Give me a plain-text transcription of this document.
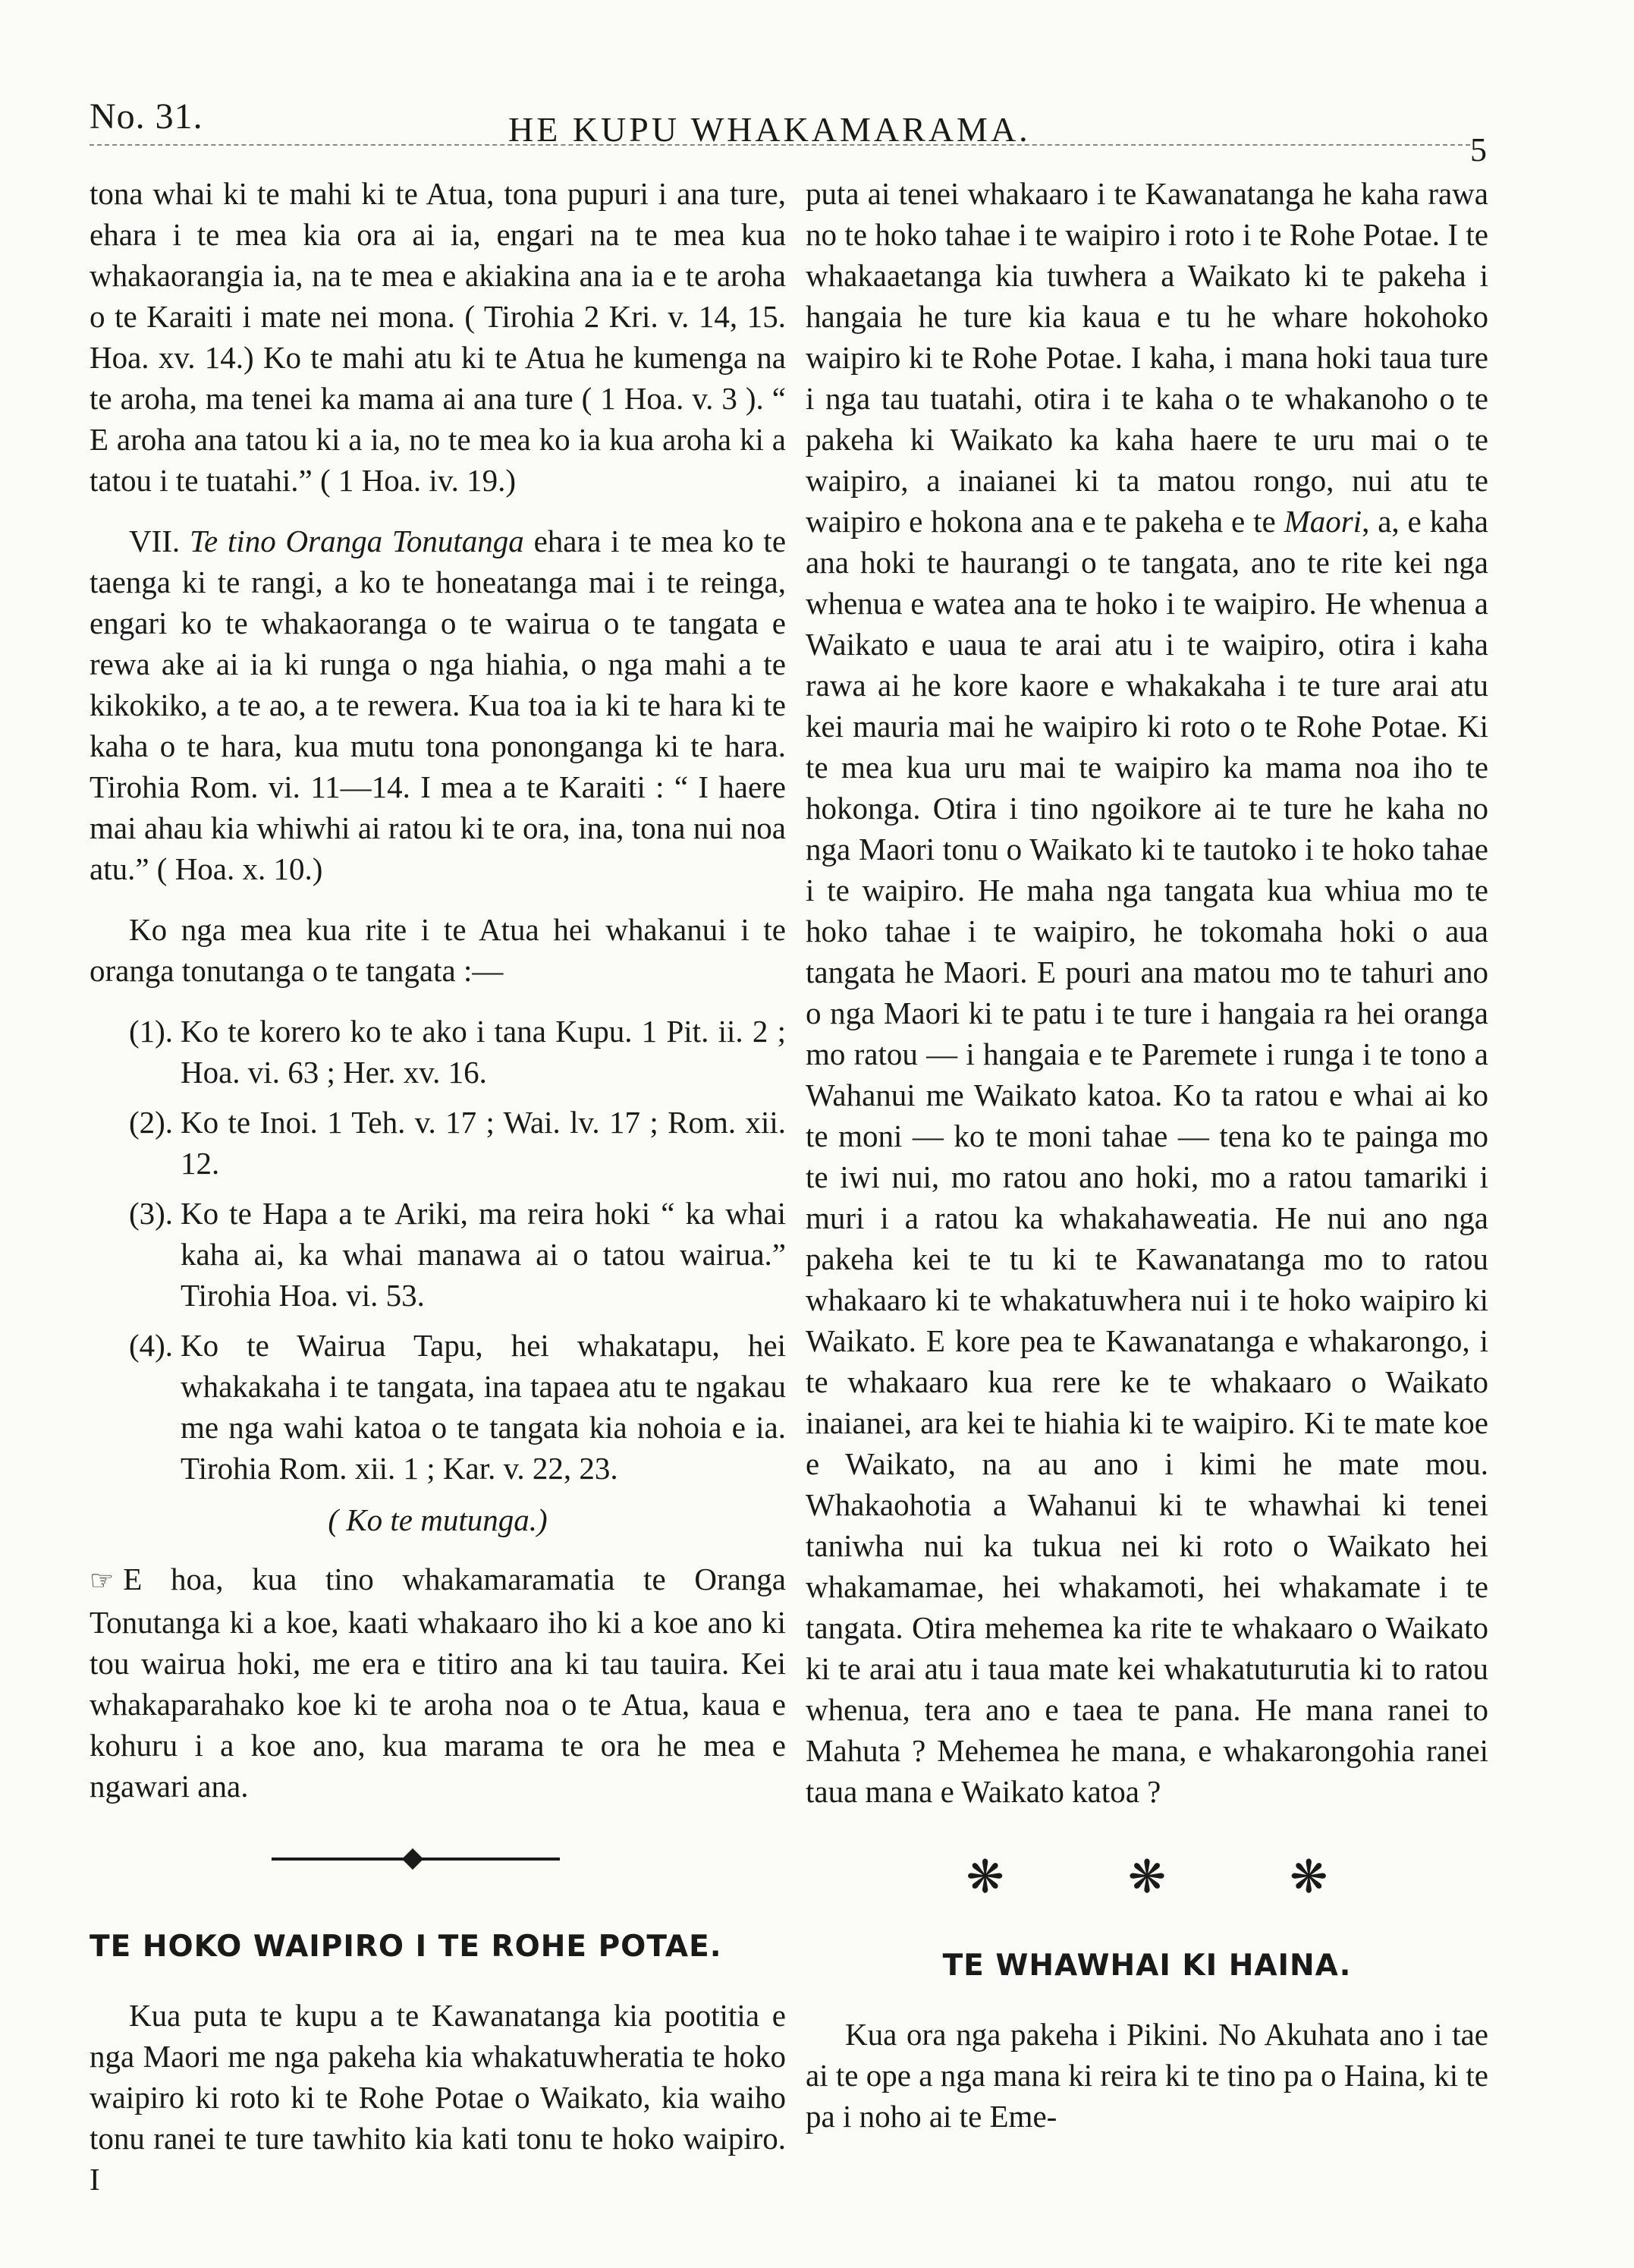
No. 31.	HE KUPU WHAKAMARAMA.
5

tona whai ki te mahi ki te Atua, tona pupuri i ana ture, ehara i te mea kia ora ai ia, engari na te mea kua whakaorangia ia, na te mea e akiakina ana ia e te aroha o te Karaiti i mate nei mona. ( Tirohia 2 Kri. v. 14, 15. Hoa. xv. 14.) Ko te mahi atu ki te Atua he kumenga na te aroha, ma tenei ka mama ai ana ture ( 1 Hoa. v. 3 ). “ E aroha ana tatou ki a ia, no te mea ko ia kua aroha ki a tatou i te tuatahi.” ( 1 Hoa. iv. 19.)

VII. Te tino Oranga Tonutanga ehara i te mea ko te taenga ki te rangi, a ko te honeatanga mai i te reinga, engari ko te whakaoranga o te wairua o te tangata e rewa ake ai ia ki runga o nga hiahia, o nga mahi a te kikokiko, a te ao, a te rewera. Kua toa ia ki te hara ki te kaha o te hara, kua mutu tona pononganga ki te hara. Tirohia Rom. vi. 11—14. I mea a te Karaiti : “ I haere mai ahau kia whiwhi ai ratou ki te ora, ina, tona nui noa atu.” ( Hoa. x. 10.)

Ko nga mea kua rite i te Atua hei whakanui i te oranga tonutanga o te tangata :—

(1). Ko te korero ko te ako i tana Kupu. 1 Pit. ii. 2 ; Hoa. vi. 63 ; Her. xv. 16.
(2). Ko te Inoi. 1 Teh. v. 17 ; Wai. lv. 17 ; Rom. xii. 12.
(3). Ko te Hapa a te Ariki, ma reira hoki “ ka whai kaha ai, ka whai manawa ai o tatou wairua.” Tirohia Hoa. vi. 53.
(4). Ko te Wairua Tapu, hei whakatapu, hei whakakaha i te tangata, ina tapaea atu te ngakau me nga wahi katoa o te tangata kia nohoia e ia. Tirohia Rom. xii. 1 ; Kar. v. 22, 23.
( Ko te mutunga.)

☞ E hoa, kua tino whakamaramatia te Oranga Tonutanga ki a koe, kaati whakaaro iho ki a koe ano ki tou wairua hoki, me era e titiro ana ki tau tauira. Kei whakaparahako koe ki te aroha noa o te Atua, kaua e kohuru i a koe ano, kua marama te ora he mea e ngawari ana.

TE HOKO WAIPIRO I TE ROHE POTAE.

Kua puta te kupu a te Kawanatanga kia pootitia e nga Maori me nga pakeha kia whakatuwheratia te hoko waipiro ki roto ki te Rohe Potae o Waikato, kia waiho tonu ranei te ture tawhito kia kati tonu te hoko waipiro. I

puta ai tenei whakaaro i te Kawanatanga he kaha rawa no te hoko tahae i te waipiro i roto i te Rohe Potae. I te whakaaetanga kia tuwhera a Waikato ki te pakeha i hangaia he ture kia kaua e tu he whare hokohoko waipiro ki te Rohe Potae. I kaha, i mana hoki taua ture i nga tau tuatahi, otira i te kaha o te whakanoho o te pakeha ki Waikato ka kaha haere te uru mai o te waipiro, a inaianei ki ta matou rongo, nui atu te waipiro e hokona ana e te pakeha e te Maori, a, e kaha ana hoki te haurangi o te tangata, ano te rite kei nga whenua e watea ana te hoko i te waipiro. He whenua a Waikato e uaua te arai atu i te waipiro, otira i kaha rawa ai he kore kaore e whakakaha i te ture arai atu kei mauria mai he waipiro ki roto o te Rohe Potae. Ki te mea kua uru mai te waipiro ka mama noa iho te hokonga. Otira i tino ngoikore ai te ture he kaha no nga Maori tonu o Waikato ki te tautoko i te hoko tahae i te waipiro. He maha nga tangata kua whiua mo te hoko tahae i te waipiro, he tokomaha hoki o aua tangata he Maori. E pouri ana matou mo te tahuri ano o nga Maori ki te patu i te ture i hangaia ra hei oranga mo ratou — i hangaia e te Paremete i runga i te tono a Wahanui me Waikato katoa. Ko ta ratou e whai ai ko te moni — ko te moni tahae — tena ko te painga mo te iwi nui, mo ratou ano hoki, mo a ratou tamariki i muri i a ratou ka whakahaweatia. He nui ano nga pakeha kei te tu ki te Kawanatanga mo to ratou whakaaro ki te whakatuwhera nui i te hoko waipiro ki Waikato. E kore pea te Kawanatanga e whakarongo, i te whakaaro kua rere ke te whakaaro o Waikato inaianei, ara kei te hiahia ki te waipiro. Ki te mate koe e Waikato, na au ano i kimi he mate mou. Whakaohotia a Wahanui ki te whawhai ki tenei taniwha nui ka tukua nei ki roto o Waikato hei whakamamae, hei whakamoti, hei whakamate i te tangata. Otira mehemea ka rite te whakaaro o Waikato ki te arai atu i taua mate kei whakatuturutia ki to ratou whenua, tera ano e taea te pana. He mana ranei to Mahuta ? Mehemea he mana, e whakarongohia ranei taua mana e Waikato katoa ?

❋	❋	❋
TE WHAWHAI KI HAINA.

Kua ora nga pakeha i Pikini. No Akuhata ano i tae ai te ope a nga mana ki reira ki te tino pa o Haina, ki te pa i noho ai te Eme-
